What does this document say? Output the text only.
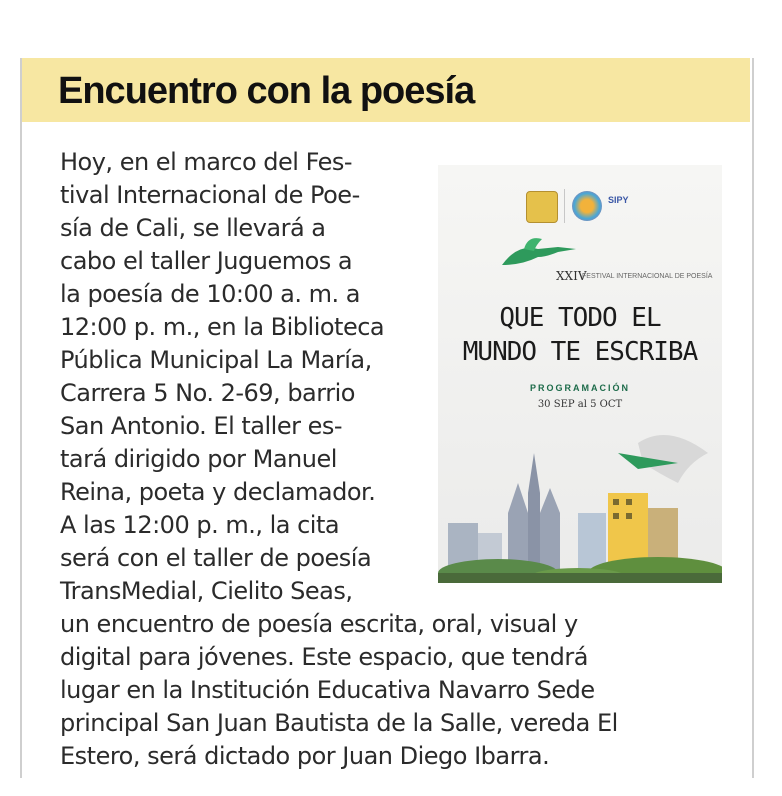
Encuentro con la poesía

Hoy, en el marco del Fes-

tival Internacional de Poe-

sía de Cali, se llevará a

cabo el taller Juguemos a

la poesía de 10:00 a. m. a

12:00 p. m., en la Biblioteca

Pública Municipal La María,

Carrera 5 No. 2-69, barrio

San Antonio. El taller es-

tará dirigido por Manuel

Reina, poeta y declamador.

A las 12:00 p. m., la cita

será con el taller de poesía

TransMedial, Cielito Seas,

un encuentro de poesía escrita, oral, visual y

digital para jóvenes. Este espacio, que tendrá

lugar en la Institución Educativa Navarro Sede

principal San Juan Bautista de la Salle, vereda El

Estero, será dictado por Juan Diego Ibarra.

SIPY
XXIV
FESTIVAL INTERNACIONAL DE POESÍA
QUE TODO EL
MUNDO TE ESCRIBA
PROGRAMACIÓN
30 SEP al 5 OCT
